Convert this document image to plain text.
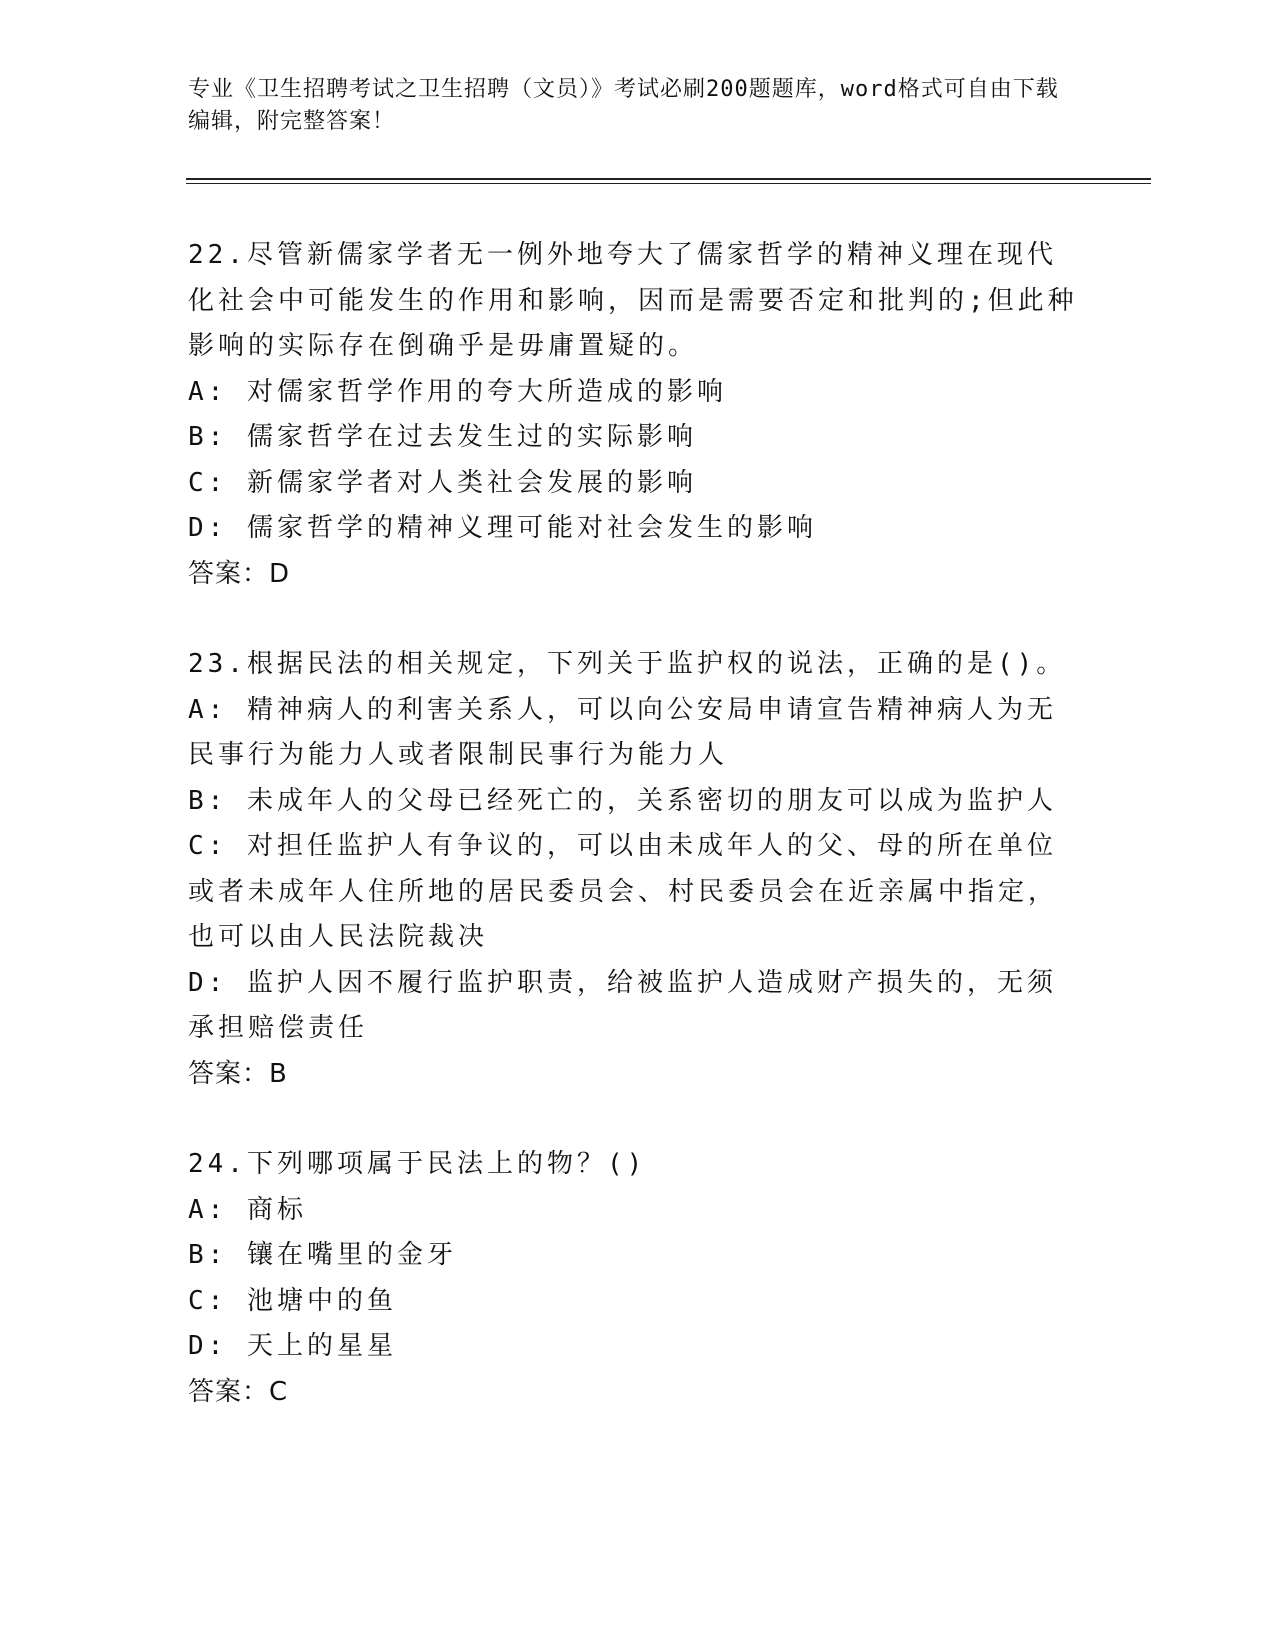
专业《卫生招聘考试之卫生招聘（文员）》考试必刷200题题库，word格式可自由下载编辑，附完整答案！

22.尽管新儒家学者无一例外地夸大了儒家哲学的精神义理在现代化社会中可能发生的作用和影响，因而是需要否定和批判的;但此种影响的实际存在倒确乎是毋庸置疑的。

A: 对儒家哲学作用的夸大所造成的影响

B: 儒家哲学在过去发生过的实际影响

C: 新儒家学者对人类社会发展的影响

D: 儒家哲学的精神义理可能对社会发生的影响

答案：D

23.根据民法的相关规定，下列关于监护权的说法，正确的是()。

A: 精神病人的利害关系人，可以向公安局申请宣告精神病人为无民事行为能力人或者限制民事行为能力人

B: 未成年人的父母已经死亡的，关系密切的朋友可以成为监护人

C: 对担任监护人有争议的，可以由未成年人的父、母的所在单位或者未成年人住所地的居民委员会、村民委员会在近亲属中指定，也可以由人民法院裁决

D: 监护人因不履行监护职责，给被监护人造成财产损失的，无须承担赔偿责任

答案：B

24.下列哪项属于民法上的物？()

A: 商标

B: 镶在嘴里的金牙

C: 池塘中的鱼

D: 天上的星星

答案：C
